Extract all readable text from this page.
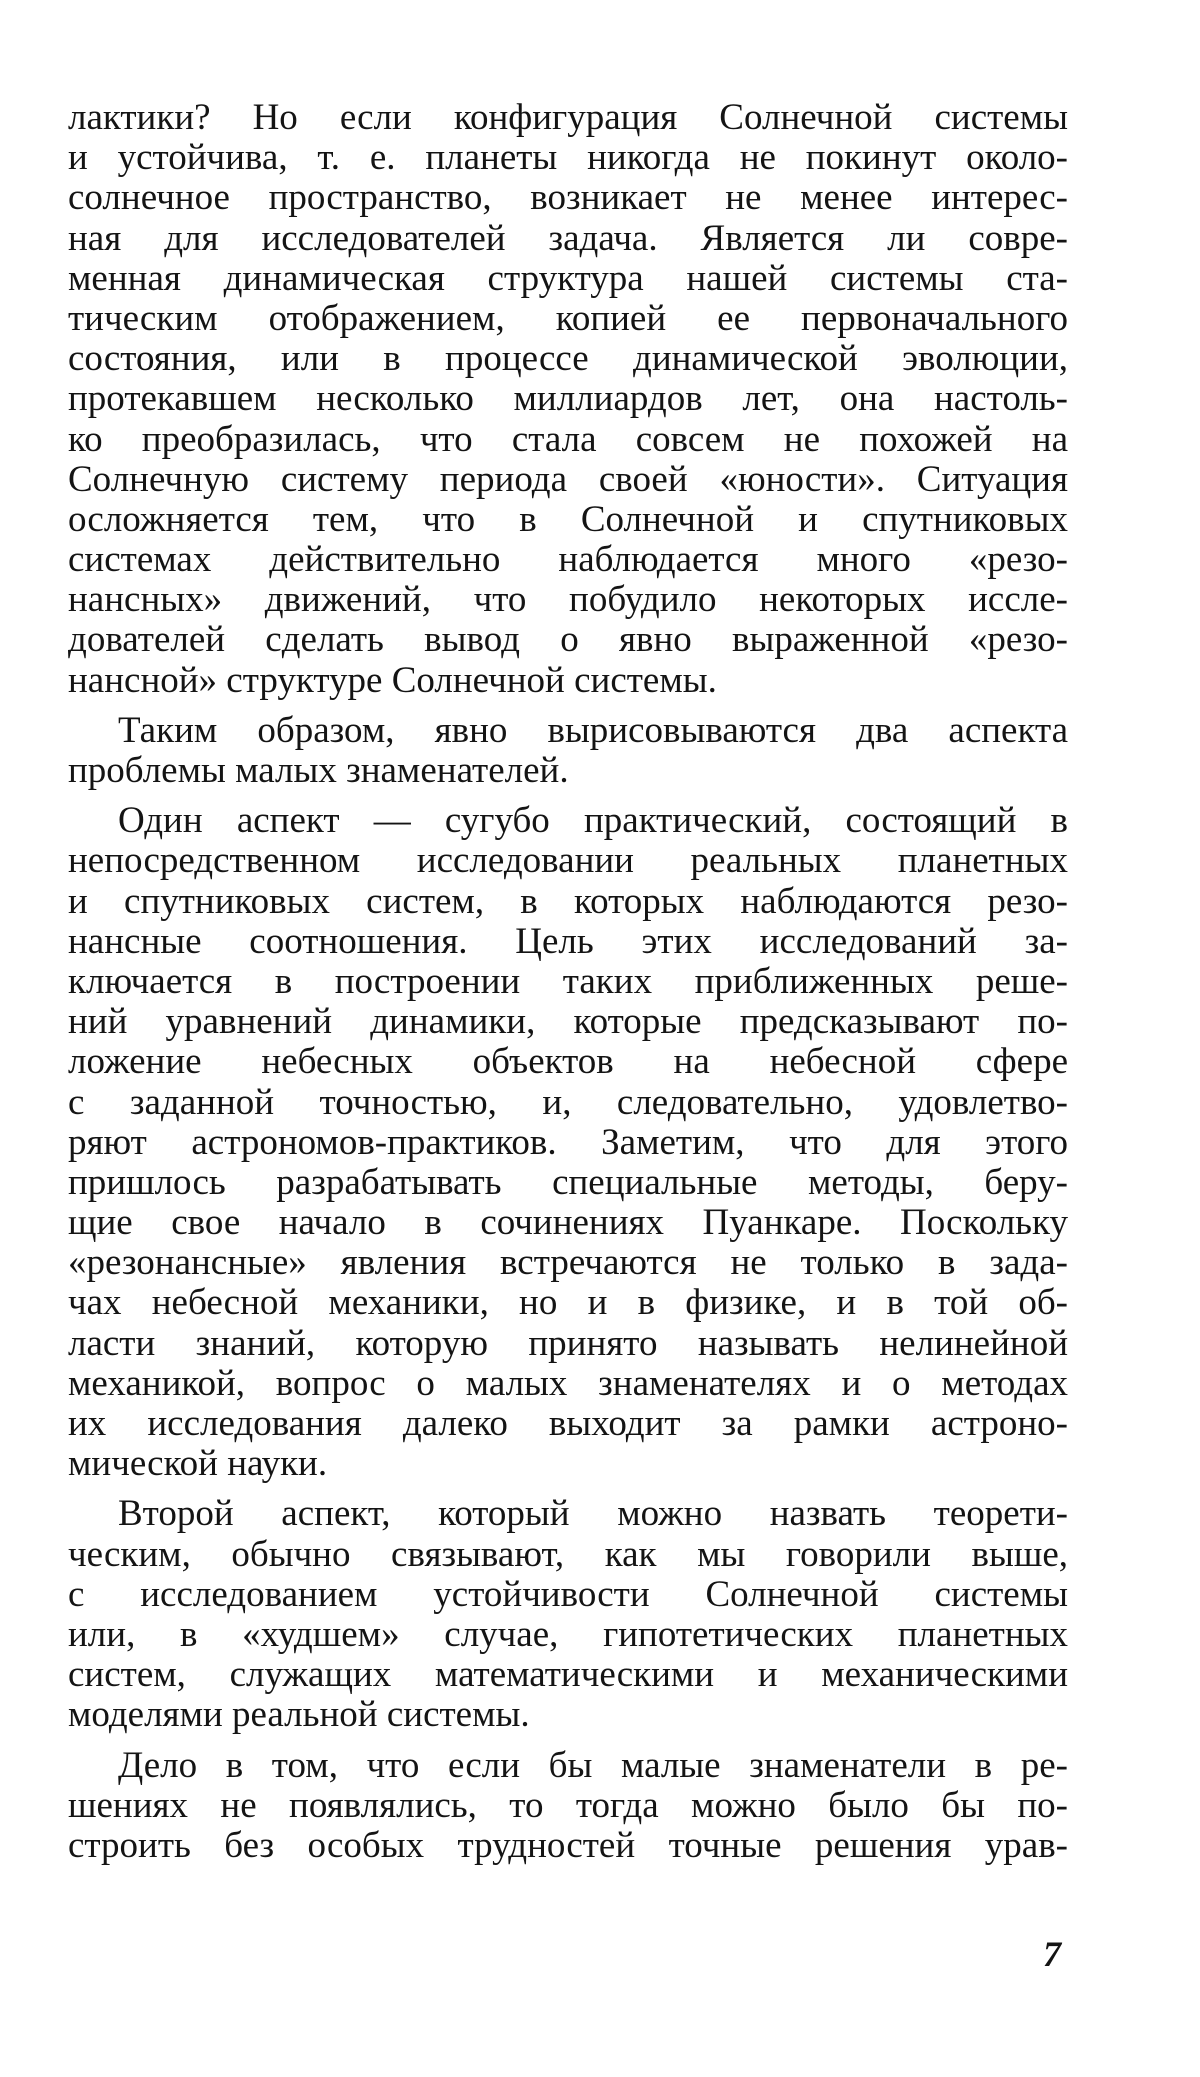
лактики? Но если конфигурация Солнечной системы
и устойчива, т. е. планеты никогда не покинут около-
солнечное пространство, возникает не менее интерес-
ная для исследователей задача. Является ли совре-
менная динамическая структура нашей системы ста-
тическим отображением, копией ее первоначального
состояния, или в процессе динамической эволюции,
протекавшем несколько миллиардов лет, она настоль-
ко преобразилась, что стала совсем не похожей на
Солнечную систему периода своей «юности». Ситуация
осложняется тем, что в Солнечной и спутниковых
системах действительно наблюдается много «резо-
нансных» движений, что побудило некоторых иссле-
дователей сделать вывод о явно выраженной «резо-
нансной» структуре Солнечной системы.
Таким образом, явно вырисовываются два аспекта
проблемы малых знаменателей.
Один аспект — сугубо практический, состоящий в
непосредственном исследовании реальных планетных
и спутниковых систем, в которых наблюдаются резо-
нансные соотношения. Цель этих исследований за-
ключается в построении таких приближенных реше-
ний уравнений динамики, которые предсказывают по-
ложение небесных объектов на небесной сфере
с заданной точностью, и, следовательно, удовлетво-
ряют астрономов-практиков. Заметим, что для этого
пришлось разрабатывать специальные методы, беру-
щие свое начало в сочинениях Пуанкаре. Поскольку
«резонансные» явления встречаются не только в зада-
чах небесной механики, но и в физике, и в той об-
ласти знаний, которую принято называть нелинейной
механикой, вопрос о малых знаменателях и о методах
их исследования далеко выходит за рамки астроно-
мической науки.
Второй аспект, который можно назвать теорети-
ческим, обычно связывают, как мы говорили выше,
с исследованием устойчивости Солнечной системы
или, в «худшем» случае, гипотетических планетных
систем, служащих математическими и механическими
моделями реальной системы.
Дело в том, что если бы малые знаменатели в ре-
шениях не появлялись, то тогда можно было бы по-
строить без особых трудностей точные решения урав-
7
